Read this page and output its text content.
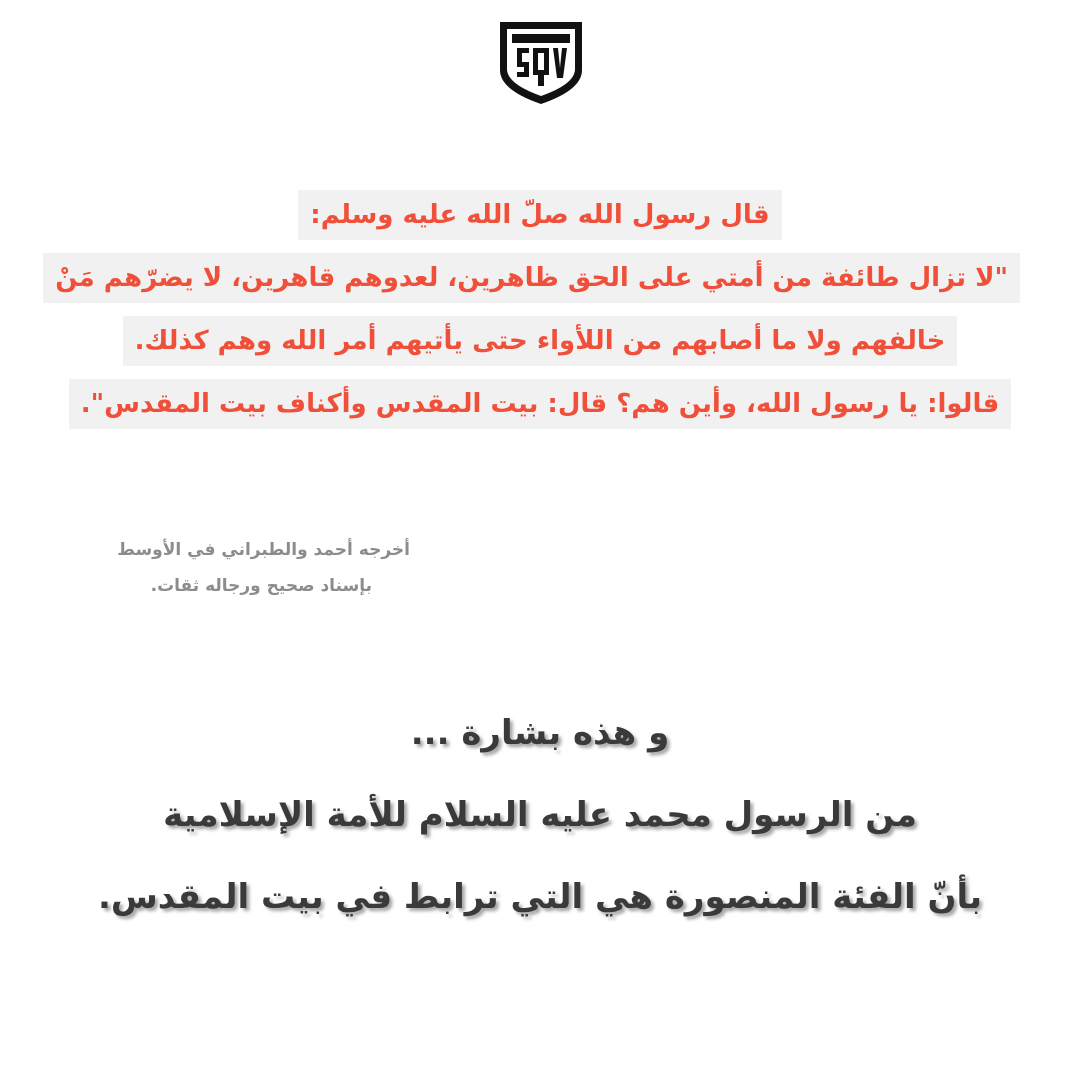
قال رسول الله صلّ الله عليه وسلم:
"لا تزال طائفة من أمتي على الحق ظاهرين، لعدوهم قاهرين، لا يضرّهم مَنْ
خالفهم ولا ما أصابهم من اللأواء حتى يأتيهم أمر الله وهم كذلك.
قالوا: يا رسول الله، وأين هم؟ قال: بيت المقدس وأكناف بيت المقدس".
أخرجه أحمد والطبراني في الأوسط
بإسناد صحيح ورجاله ثقات.
و هذه بشارة ...
من الرسول محمد عليه السلام للأمة الإسلامية
بأنّ الفئة المنصورة هي التي ترابط في بيت المقدس.
